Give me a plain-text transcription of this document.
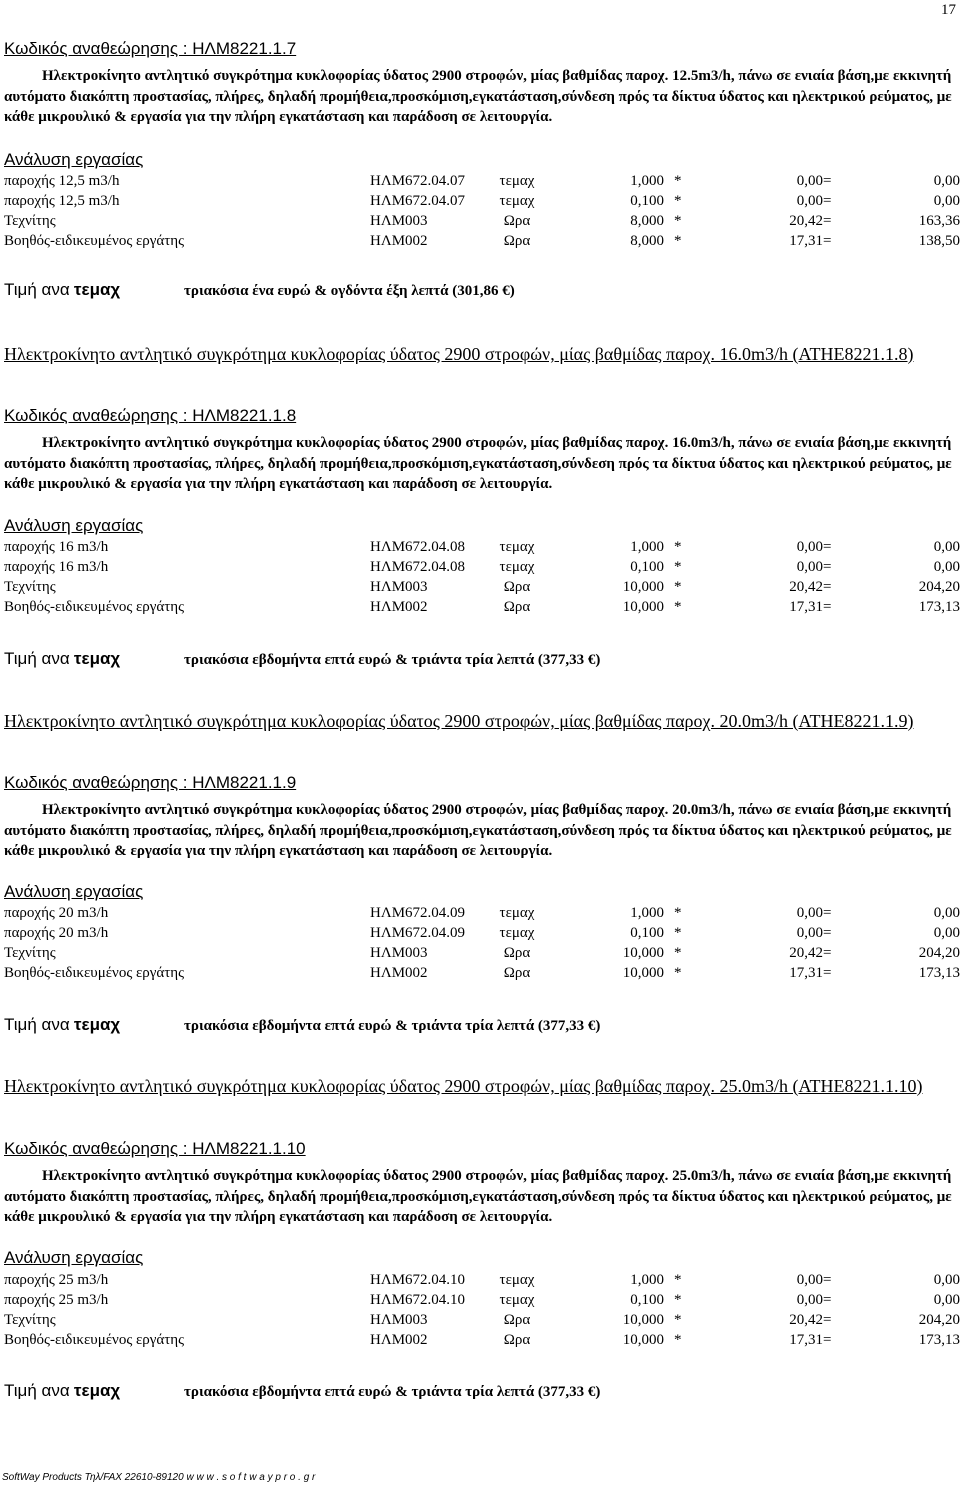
17
Κωδικός αναθεώρησης : ΗΛΜ8221.1.7
Ηλεκτροκίνητο αντλητικό συγκρότημα κυκλοφορίας ύδατος 2900 στροφών, μίας βαθμίδας παροχ. 12.5m3/h, πάνω σε ενιαία βάση,με εκκινητή αυτόματο διακόπτη προστασίας, πλήρες, δηλαδή προμήθεια,προσκόμιση,εγκατάσταση,σύνδεση πρός τα δίκτυα ύδατος και ηλεκτρικού ρεύματος, με κάθε μικρουλικό & εργασία για την πλήρη εγκατάσταση και παράδοση σε λειτουργία.
Ανάλυση εργασίας
παροχής 12,5 m3/h	ΗΛΜ672.04.07	τεμαχ	1,000 *	0,00 =	0,00
παροχής 12,5 m3/h	ΗΛΜ672.04.07	τεμαχ	0,100 *	0,00 =	0,00
Τεχνίτης	ΗΛΜ003	Ωρα	8,000 *	20,42 =	163,36
Βοηθός-ειδικευμένος εργάτης	ΗΛΜ002	Ωρα	8,000 *	17,31 =	138,50
Τιμή ανα τεμαχ	τριακόσια ένα ευρώ & ογδόντα έξη λεπτά (301,86 €)
Ηλεκτροκίνητο αντλητικό συγκρότημα κυκλοφορίας ύδατος 2900 στροφών, μίας βαθμίδας παροχ. 16.0m3/h (ΑΤΗΕ8221.1.8)
Κωδικός αναθεώρησης : ΗΛΜ8221.1.8
Ηλεκτροκίνητο αντλητικό συγκρότημα κυκλοφορίας ύδατος 2900 στροφών, μίας βαθμίδας παροχ. 16.0m3/h, πάνω σε ενιαία βάση,με εκκινητή αυτόματο διακόπτη προστασίας, πλήρες, δηλαδή προμήθεια,προσκόμιση,εγκατάσταση,σύνδεση πρός τα δίκτυα ύδατος και ηλεκτρικού ρεύματος, με κάθε μικρουλικό & εργασία για την πλήρη εγκατάσταση και παράδοση σε λειτουργία.
Ανάλυση εργασίας
παροχής 16 m3/h	ΗΛΜ672.04.08	τεμαχ	1,000 *	0,00 =	0,00
παροχής 16 m3/h	ΗΛΜ672.04.08	τεμαχ	0,100 *	0,00 =	0,00
Τεχνίτης	ΗΛΜ003	Ωρα	10,000 *	20,42 =	204,20
Βοηθός-ειδικευμένος εργάτης	ΗΛΜ002	Ωρα	10,000 *	17,31 =	173,13
Τιμή ανα τεμαχ	τριακόσια εβδομήντα επτά ευρώ & τριάντα τρία λεπτά (377,33 €)
Ηλεκτροκίνητο αντλητικό συγκρότημα κυκλοφορίας ύδατος 2900 στροφών, μίας βαθμίδας παροχ. 20.0m3/h (ΑΤΗΕ8221.1.9)
Κωδικός αναθεώρησης : ΗΛΜ8221.1.9
Ηλεκτροκίνητο αντλητικό συγκρότημα κυκλοφορίας ύδατος 2900 στροφών, μίας βαθμίδας παροχ. 20.0m3/h, πάνω σε ενιαία βάση,με εκκινητή αυτόματο διακόπτη προστασίας, πλήρες, δηλαδή προμήθεια,προσκόμιση,εγκατάσταση,σύνδεση πρός τα δίκτυα ύδατος και ηλεκτρικού ρεύματος, με κάθε μικρουλικό & εργασία για την πλήρη εγκατάσταση και παράδοση σε λειτουργία.
Ανάλυση εργασίας
παροχής 20 m3/h	ΗΛΜ672.04.09	τεμαχ	1,000 *	0,00 =	0,00
παροχής 20 m3/h	ΗΛΜ672.04.09	τεμαχ	0,100 *	0,00 =	0,00
Τεχνίτης	ΗΛΜ003	Ωρα	10,000 *	20,42 =	204,20
Βοηθός-ειδικευμένος εργάτης	ΗΛΜ002	Ωρα	10,000 *	17,31 =	173,13
Τιμή ανα τεμαχ	τριακόσια εβδομήντα επτά ευρώ & τριάντα τρία λεπτά (377,33 €)
Ηλεκτροκίνητο αντλητικό συγκρότημα κυκλοφορίας ύδατος 2900 στροφών, μίας βαθμίδας παροχ. 25.0m3/h (ΑΤΗΕ8221.1.10)
Κωδικός αναθεώρησης : ΗΛΜ8221.1.10
Ηλεκτροκίνητο αντλητικό συγκρότημα κυκλοφορίας ύδατος 2900 στροφών, μίας βαθμίδας παροχ. 25.0m3/h, πάνω σε ενιαία βάση,με εκκινητή αυτόματο διακόπτη προστασίας, πλήρες, δηλαδή προμήθεια,προσκόμιση,εγκατάσταση,σύνδεση πρός τα δίκτυα ύδατος και ηλεκτρικού ρεύματος, με κάθε μικρουλικό & εργασία για την πλήρη εγκατάσταση και παράδοση σε λειτουργία.
Ανάλυση εργασίας
παροχής 25 m3/h	ΗΛΜ672.04.10	τεμαχ	1,000 *	0,00 =	0,00
παροχής 25 m3/h	ΗΛΜ672.04.10	τεμαχ	0,100 *	0,00 =	0,00
Τεχνίτης	ΗΛΜ003	Ωρα	10,000 *	20,42 =	204,20
Βοηθός-ειδικευμένος εργάτης	ΗΛΜ002	Ωρα	10,000 *	17,31 =	173,13
Τιμή ανα τεμαχ	τριακόσια εβδομήντα επτά ευρώ & τριάντα τρία λεπτά (377,33 €)
SoftWay Products Τηλ/FAX 22610-89120 w w w . s o f t w a y p r o . g r
